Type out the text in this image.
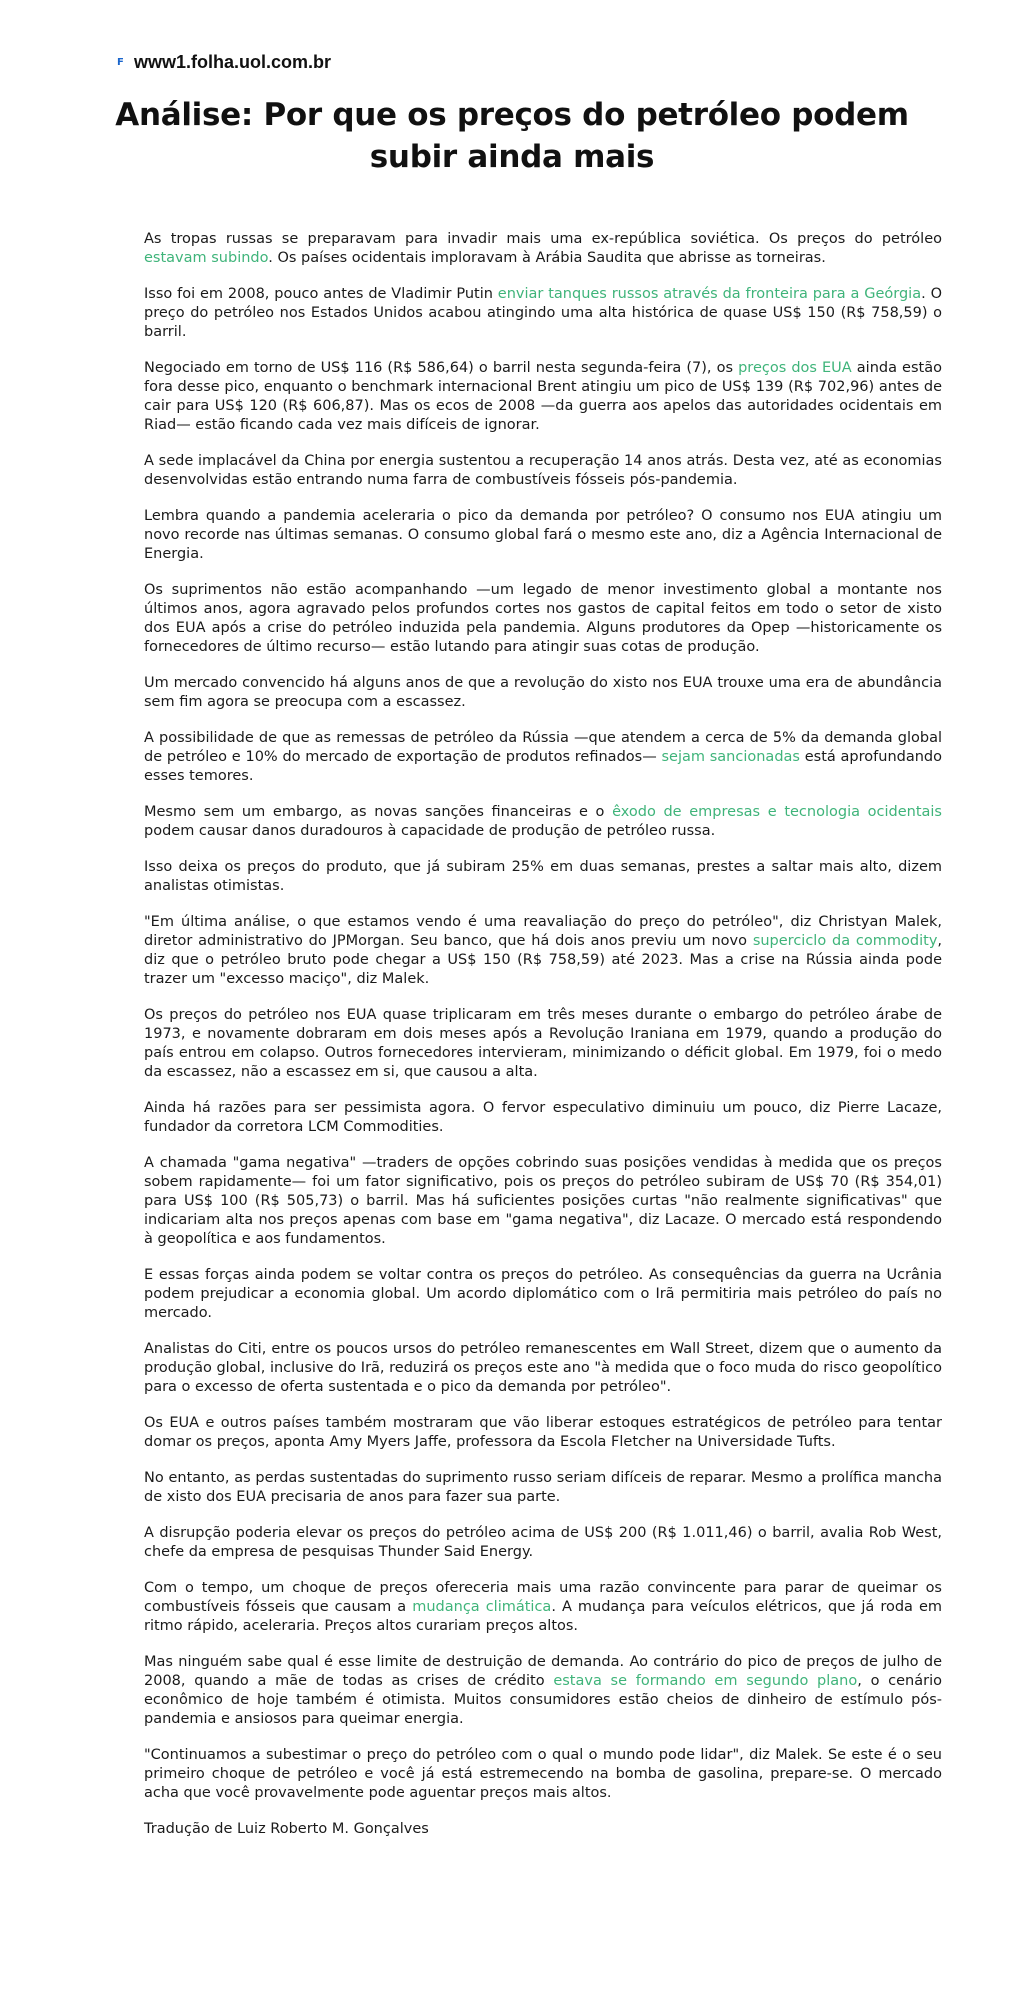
F www1.folha.uol.com.br
Análise: Por que os preços do petróleo podem subir ainda mais

As tropas russas se preparavam para invadir mais uma ex-república soviética. Os preços do petróleo estavam subindo. Os países ocidentais imploravam à Arábia Saudita que abrisse as torneiras.

Isso foi em 2008, pouco antes de Vladimir Putin enviar tanques russos através da fronteira para a Geórgia. O preço do petróleo nos Estados Unidos acabou atingindo uma alta histórica de quase US$ 150 (R$ 758,59) o barril.

Negociado em torno de US$ 116 (R$ 586,64) o barril nesta segunda-feira (7), os preços dos EUA ainda estão fora desse pico, enquanto o benchmark internacional Brent atingiu um pico de US$ 139 (R$ 702,96) antes de cair para US$ 120 (R$ 606,87). Mas os ecos de 2008 —da guerra aos apelos das autoridades ocidentais em Riad— estão ficando cada vez mais difíceis de ignorar.

A sede implacável da China por energia sustentou a recuperação 14 anos atrás. Desta vez, até as economias desenvolvidas estão entrando numa farra de combustíveis fósseis pós-pandemia.

Lembra quando a pandemia aceleraria o pico da demanda por petróleo? O consumo nos EUA atingiu um novo recorde nas últimas semanas. O consumo global fará o mesmo este ano, diz a Agência Internacional de Energia.

Os suprimentos não estão acompanhando —um legado de menor investimento global a montante nos últimos anos, agora agravado pelos profundos cortes nos gastos de capital feitos em todo o setor de xisto dos EUA após a crise do petróleo induzida pela pandemia. Alguns produtores da Opep —historicamente os fornecedores de último recurso— estão lutando para atingir suas cotas de produção.

Um mercado convencido há alguns anos de que a revolução do xisto nos EUA trouxe uma era de abundância sem fim agora se preocupa com a escassez.

A possibilidade de que as remessas de petróleo da Rússia —que atendem a cerca de 5% da demanda global de petróleo e 10% do mercado de exportação de produtos refinados— sejam sancionadas está aprofundando esses temores.

Mesmo sem um embargo, as novas sanções financeiras e o êxodo de empresas e tecnologia ocidentais podem causar danos duradouros à capacidade de produção de petróleo russa.

Isso deixa os preços do produto, que já subiram 25% em duas semanas, prestes a saltar mais alto, dizem analistas otimistas.

"Em última análise, o que estamos vendo é uma reavaliação do preço do petróleo", diz Christyan Malek, diretor administrativo do JPMorgan. Seu banco, que há dois anos previu um novo superciclo da commodity, diz que o petróleo bruto pode chegar a US$ 150 (R$ 758,59) até 2023. Mas a crise na Rússia ainda pode trazer um "excesso maciço", diz Malek.

Os preços do petróleo nos EUA quase triplicaram em três meses durante o embargo do petróleo árabe de 1973, e novamente dobraram em dois meses após a Revolução Iraniana em 1979, quando a produção do país entrou em colapso. Outros fornecedores intervieram, minimizando o déficit global. Em 1979, foi o medo da escassez, não a escassez em si, que causou a alta.

Ainda há razões para ser pessimista agora. O fervor especulativo diminuiu um pouco, diz Pierre Lacaze, fundador da corretora LCM Commodities.

A chamada "gama negativa" —traders de opções cobrindo suas posições vendidas à medida que os preços sobem rapidamente— foi um fator significativo, pois os preços do petróleo subiram de US$ 70 (R$ 354,01) para US$ 100 (R$ 505,73) o barril. Mas há suficientes posições curtas "não realmente significativas" que indicariam alta nos preços apenas com base em "gama negativa", diz Lacaze. O mercado está respondendo à geopolítica e aos fundamentos.

E essas forças ainda podem se voltar contra os preços do petróleo. As consequências da guerra na Ucrânia podem prejudicar a economia global. Um acordo diplomático com o Irã permitiria mais petróleo do país no mercado.

Analistas do Citi, entre os poucos ursos do petróleo remanescentes em Wall Street, dizem que o aumento da produção global, inclusive do Irã, reduzirá os preços este ano "à medida que o foco muda do risco geopolítico para o excesso de oferta sustentada e o pico da demanda por petróleo".

Os EUA e outros países também mostraram que vão liberar estoques estratégicos de petróleo para tentar domar os preços, aponta Amy Myers Jaffe, professora da Escola Fletcher na Universidade Tufts.

No entanto, as perdas sustentadas do suprimento russo seriam difíceis de reparar. Mesmo a prolífica mancha de xisto dos EUA precisaria de anos para fazer sua parte.

A disrupção poderia elevar os preços do petróleo acima de US$ 200 (R$ 1.011,46) o barril, avalia Rob West, chefe da empresa de pesquisas Thunder Said Energy.

Com o tempo, um choque de preços ofereceria mais uma razão convincente para parar de queimar os combustíveis fósseis que causam a mudança climática. A mudança para veículos elétricos, que já roda em ritmo rápido, aceleraria. Preços altos curariam preços altos.

Mas ninguém sabe qual é esse limite de destruição de demanda. Ao contrário do pico de preços de julho de 2008, quando a mãe de todas as crises de crédito estava se formando em segundo plano, o cenário econômico de hoje também é otimista. Muitos consumidores estão cheios de dinheiro de estímulo pós-pandemia e ansiosos para queimar energia.

"Continuamos a subestimar o preço do petróleo com o qual o mundo pode lidar", diz Malek. Se este é o seu primeiro choque de petróleo e você já está estremecendo na bomba de gasolina, prepare-se. O mercado acha que você provavelmente pode aguentar preços mais altos.

Tradução de Luiz Roberto M. Gonçalves
